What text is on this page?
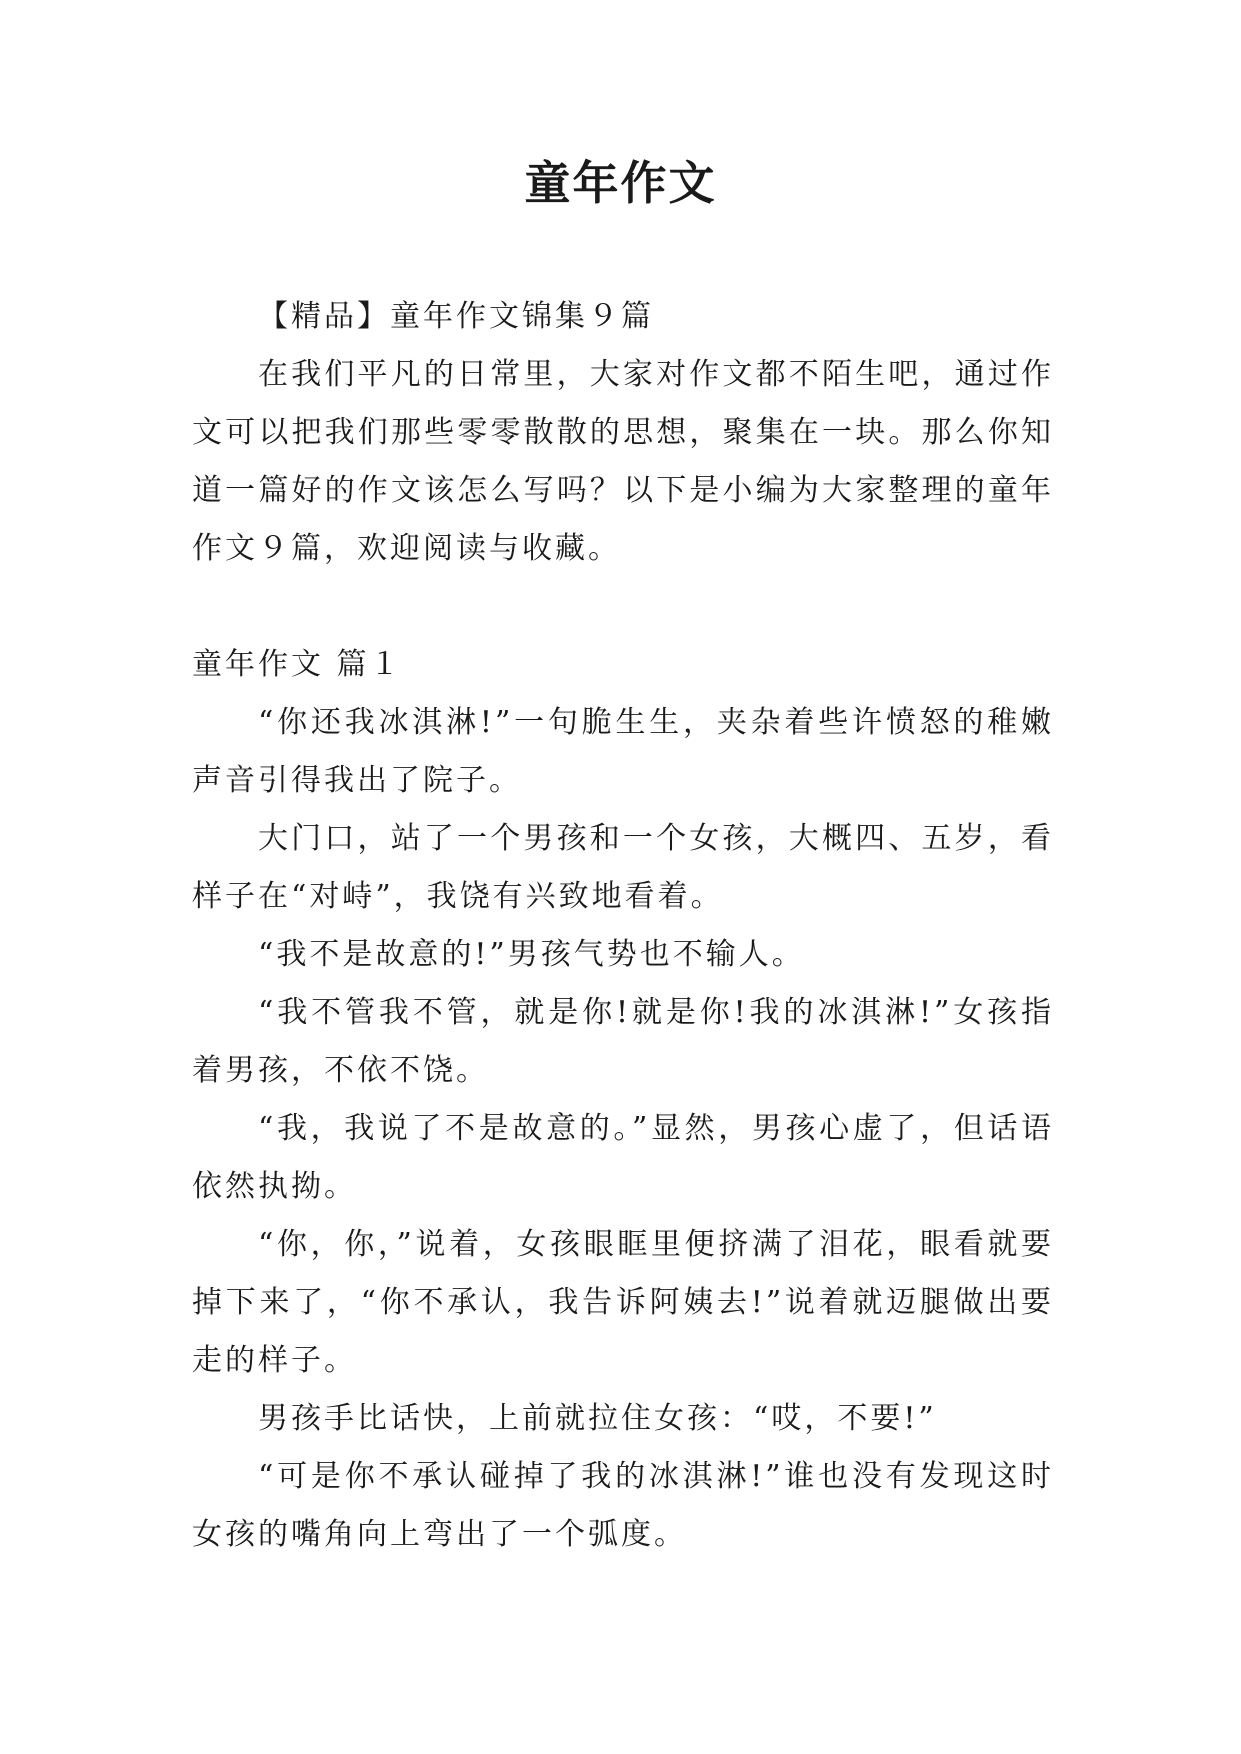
童年作文

【精品】童年作文锦集９篇

在我们平凡的日常里，大家对作文都不陌生吧，通过作文可以把我们那些零零散散的思想，聚集在一块。那么你知道一篇好的作文该怎么写吗？以下是小编为大家整理的童年作文９篇，欢迎阅读与收藏。

童年作文 篇１

“你还我冰淇淋!”一句脆生生，夹杂着些许愤怒的稚嫩声音引得我出了院子。

大门口，站了一个男孩和一个女孩，大概四、五岁，看样子在“对峙”，我饶有兴致地看着。

“我不是故意的!”男孩气势也不输人。

“我不管我不管，就是你!就是你!我的冰淇淋!”女孩指着男孩，不依不饶。

“我，我说了不是故意的。”显然，男孩心虚了，但话语依然执拗。

“你，你，”说着，女孩眼眶里便挤满了泪花，眼看就要掉下来了，“你不承认，我告诉阿姨去!”说着就迈腿做出要走的样子。

男孩手比话快，上前就拉住女孩：“哎，不要!”

“可是你不承认碰掉了我的冰淇淋!”谁也没有发现这时女孩的嘴角向上弯出了一个弧度。
